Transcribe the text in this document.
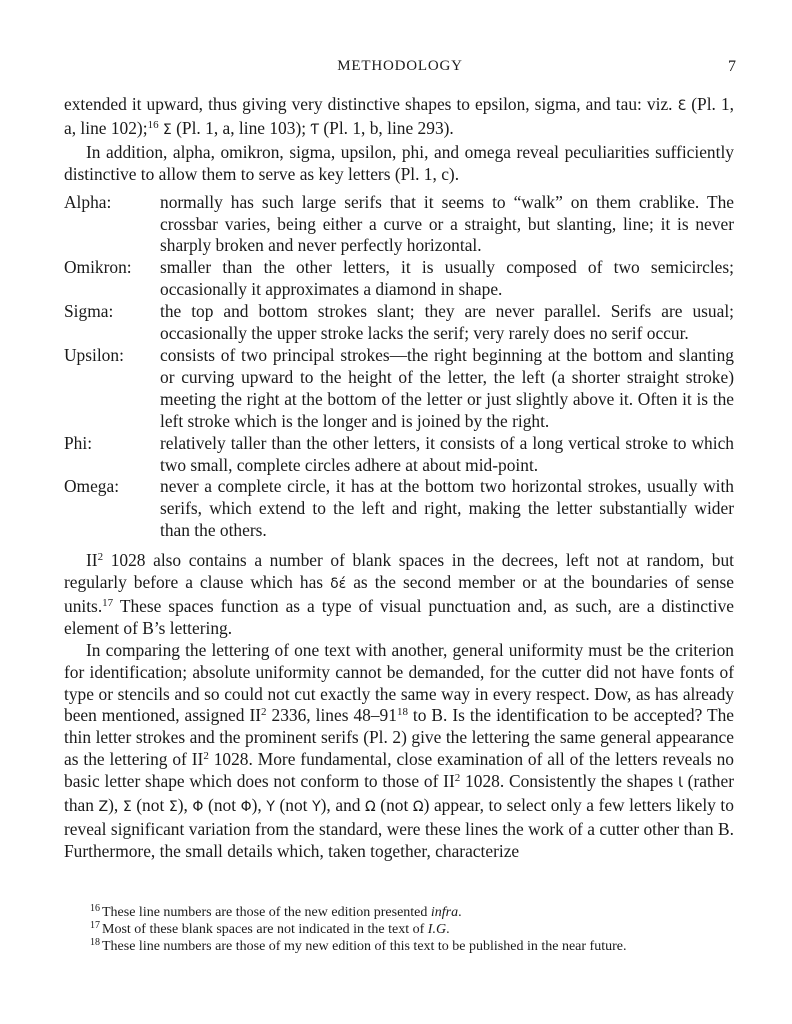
METHODOLOGY	7

extended it upward, thus giving very distinctive shapes to epsilon, sigma, and tau: viz. Ɛ (Pl. 1, a, line 102);$^{16}$ Σ (Pl. 1, a, line 103); Ƭ (Pl. 1, b, line 293).

In addition, alpha, omikron, sigma, upsilon, phi, and omega reveal peculiarities sufficiently distinctive to allow them to serve as key letters (Pl. 1, c).

Alpha:	normally has such large serifs that it seems to “walk” on them crablike. The crossbar varies, being either a curve or a straight, but slanting, line; it is never sharply broken and never perfectly horizontal.
Omikron:	smaller than the other letters, it is usually composed of two semicircles; occasionally it approximates a diamond in shape.
Sigma:	the top and bottom strokes slant; they are never parallel. Serifs are usual; occasionally the upper stroke lacks the serif; very rarely does no serif occur.
Upsilon:	consists of two principal strokes—the right beginning at the bottom and slanting or curving upward to the height of the letter, the left (a shorter straight stroke) meeting the right at the bottom of the letter or just slightly above it. Often it is the left stroke which is the longer and is joined by the right.
Phi:	relatively taller than the other letters, it consists of a long vertical stroke to which two small, complete circles adhere at about mid-point.
Omega:	never a complete circle, it has at the bottom two horizontal strokes, usually with serifs, which extend to the left and right, making the letter substantially wider than the others.

$II^2$ 1028 also contains a number of blank spaces in the decrees, left not at random, but regularly before a clause which has δέ as the second member or at the boundaries of sense units.$^{17}$ These spaces function as a type of visual punctuation and, as such, are a distinctive element of B’s lettering.

In comparing the lettering of one text with another, general uniformity must be the criterion for identification; absolute uniformity cannot be demanded, for the cutter did not have fonts of type or stencils and so could not cut exactly the same way in every respect. Dow, as has already been mentioned, assigned $II^2$ 2336, lines $48-91^{18}$ to B. Is the identification to be accepted? The thin letter strokes and the prominent serifs (Pl. 2) give the lettering the same general appearance as the lettering of $II^2$ 1028. More fundamental, close examination of all of the letters reveals no basic letter shape which does not conform to those of $II^2$ 1028. Consistently the shapes Ɩ (rather than Z), Σ (not Σ), Φ (not Φ), Y (not Y), and Ω (not Ω) appear, to select only a few letters likely to reveal significant variation from the standard, were these lines the work of a cutter other than B. Furthermore, the small details which, taken together, characterize

$^{16}$ These line numbers are those of the new edition presented infra.
$^{17}$ Most of these blank spaces are not indicated in the text of I.G.
$^{18}$ These line numbers are those of my new edition of this text to be published in the near future.
